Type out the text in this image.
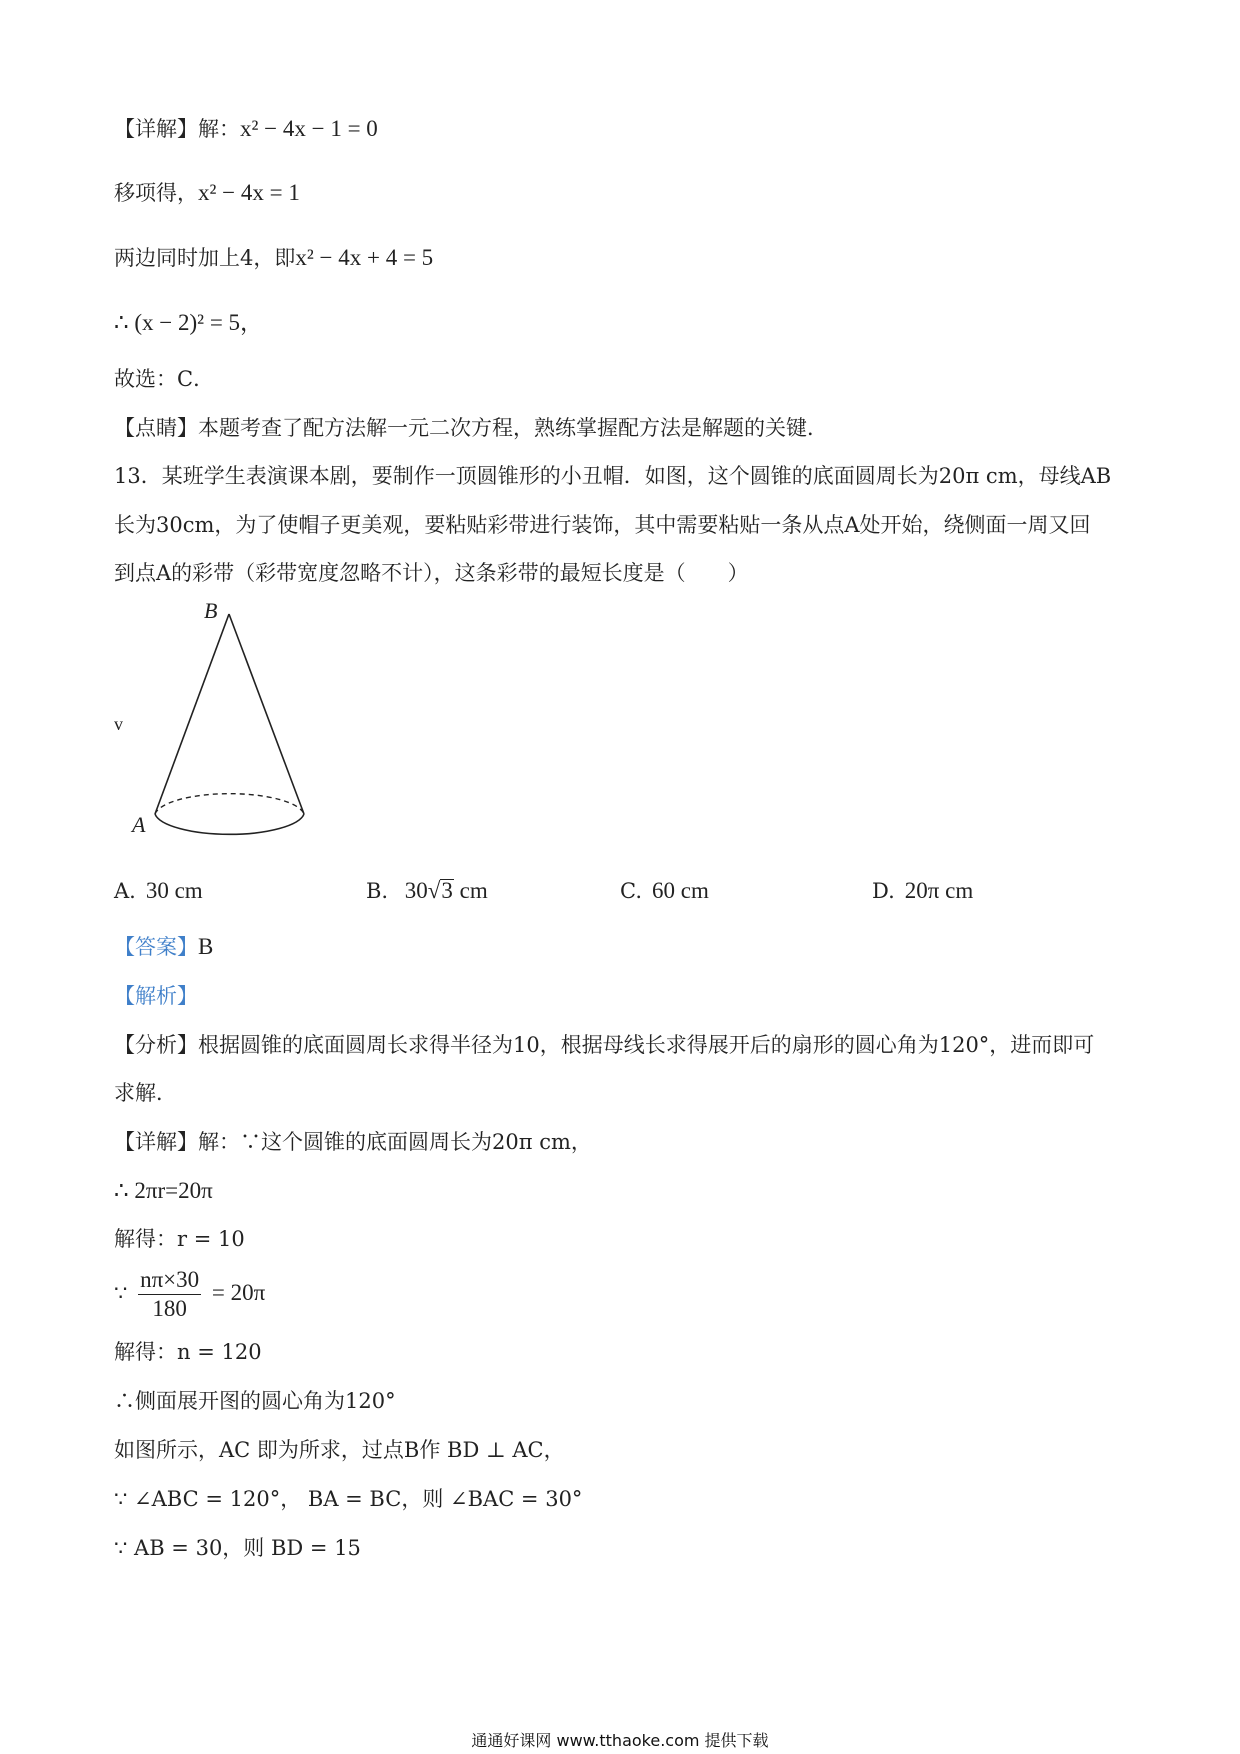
【详解】解：x² − 4x − 1 = 0
移项得，x² − 4x = 1
两边同时加上4，即x² − 4x + 4 = 5
∴ (x − 2)² = 5，
故选：C．
【点睛】本题考查了配方法解一元二次方程，熟练掌握配方法是解题的关键．
13．某班学生表演课本剧，要制作一顶圆锥形的小丑帽．如图，这个圆锥的底面圆周长为20π cm，母线AB
长为30cm，为了使帽子更美观，要粘贴彩带进行装饰，其中需要粘贴一条从点A处开始，绕侧面一周又回
到点A的彩带（彩带宽度忽略不计），这条彩带的最短长度是（　　）
B
v
A
A. 30 cm	B. 30√3 cm	C. 60 cm	D. 20π cm
【答案】B
【解析】
【分析】根据圆锥的底面圆周长求得半径为10，根据母线长求得展开后的扇形的圆心角为120°，进而即可
求解．
【详解】解：∵这个圆锥的底面圆周长为20π cm，
∴ 2πr=20π
解得：r = 10
∵ $\frac{n\pi\times 30}{180} = 20\pi$
解得：n = 120
∴侧面展开图的圆心角为120°
如图所示，AC 即为所求，过点B作 BD ⊥ AC，
∵ ∠ABC = 120°， BA = BC，则 ∠BAC = 30°
∵ AB = 30，则 BD = 15
通通好课网 www.tthaoke.com 提供下载
